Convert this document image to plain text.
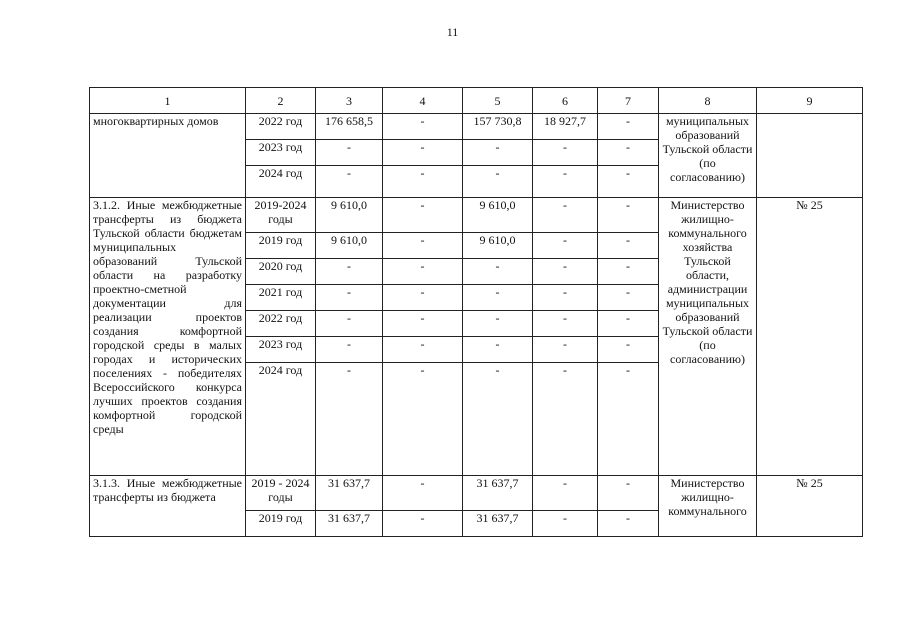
11
1	2	3	4	5	6	7	8	9
многоквартирных домов	2022 год	176 658,5	-	157 730,8	18 927,7	-	муниципальных образований Тульской области (по согласованию)	
	2023 год	-	-	-	-	-		
	2024 год	-	-	-	-	-		
3.1.2. Иные межбюджетные трансферты из бюджета Тульской области бюджетам муниципальных образований Тульской области на разработку проектно-сметной документации для реализации проектов создания комфортной городской среды в малых городах и исторических поселениях - победителях Всероссийского конкурса лучших проектов создания комфортной городской среды	2019-2024 годы	9 610,0	-	9 610,0	-	-	Министерство жилищно-коммунального хозяйства Тульской области, администрации муниципальных образований Тульской области (по согласованию)	№ 25
	2019 год	9 610,0	-	9 610,0	-	-		
	2020 год	-	-	-	-	-		
	2021 год	-	-	-	-	-		
	2022 год	-	-	-	-	-		
	2023 год	-	-	-	-	-		
	2024 год	-	-	-	-	-		
3.1.3. Иные межбюджетные трансферты из бюджета	2019 - 2024 годы	31 637,7	-	31 637,7	-	-	Министерство жилищно-коммунального	№ 25
	2019 год	31 637,7	-	31 637,7	-	-		
